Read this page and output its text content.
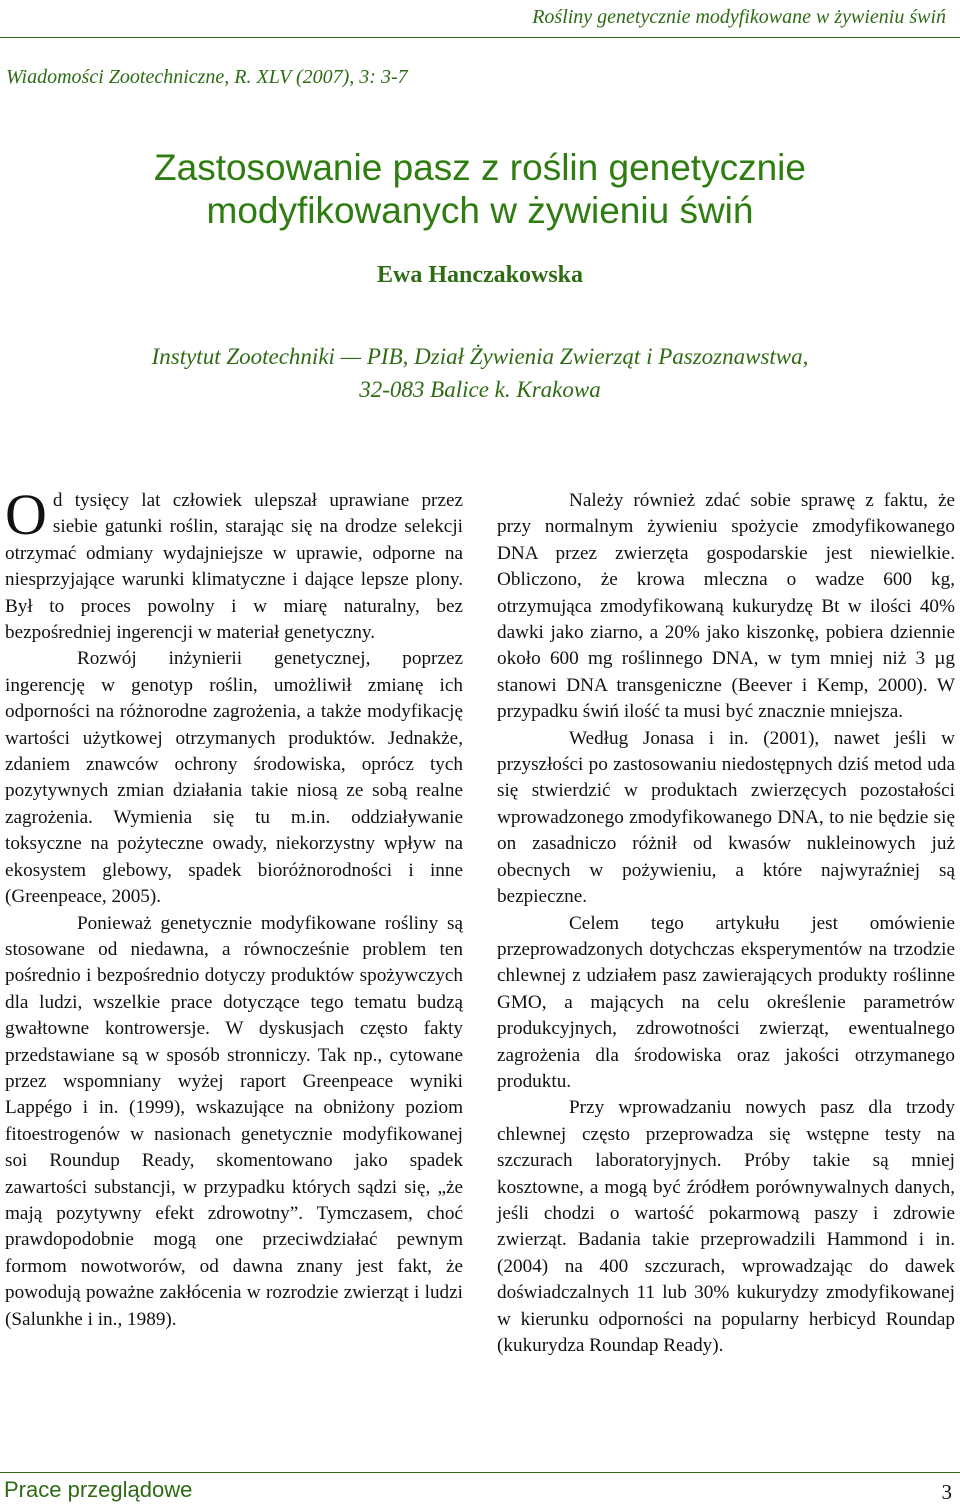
Rośliny genetycznie modyfikowane w żywieniu świń
Wiadomości Zootechniczne, R. XLV (2007), 3: 3-7
Zastosowanie pasz z roślin genetycznie
modyfikowanych w żywieniu świń
Ewa Hanczakowska
Instytut Zootechniki — PIB, Dział Żywienia Zwierząt i Paszoznawstwa,
32-083 Balice k. Krakowa

Od tysięcy lat człowiek ulepszał uprawiane przez siebie gatunki roślin, starając się na drodze selekcji otrzymać odmiany wydajniejsze w uprawie, odporne na niesprzyjające warunki klimatyczne i dające lepsze plony. Był to proces powolny i w miarę naturalny, bez bezpośredniej ingerencji w materiał genetyczny.

Rozwój inżynierii genetycznej, poprzez ingerencję w genotyp roślin, umożliwił zmianę ich odporności na różnorodne zagrożenia, a także modyfikację wartości użytkowej otrzymanych produktów. Jednakże, zdaniem znawców ochrony środowiska, oprócz tych pozytywnych zmian działania takie niosą ze sobą realne zagrożenia. Wymienia się tu m.in. oddziaływanie toksyczne na pożyteczne owady, niekorzystny wpływ na ekosystem glebowy, spadek bioróżnorodności i inne (Greenpeace, 2005).

Ponieważ genetycznie modyfikowane rośliny są stosowane od niedawna, a równocześnie problem ten pośrednio i bezpośrednio dotyczy produktów spożywczych dla ludzi, wszelkie prace dotyczące tego tematu budzą gwałtowne kontrowersje. W dyskusjach często fakty przedstawiane są w sposób stronniczy. Tak np., cytowane przez wspomniany wyżej raport Greenpeace wyniki Lappégo i in. (1999), wskazujące na obniżony poziom fitoestrogenów w nasionach genetycznie modyfikowanej soi Roundup Ready, skomentowano jako spadek zawartości substancji, w przypadku których sądzi się, „że mają pozytywny efekt zdrowotny”. Tymczasem, choć prawdopodobnie mogą one przeciwdziałać pewnym formom nowotworów, od dawna znany jest fakt, że powodują poważne zakłócenia w rozrodzie zwierząt i ludzi (Salunkhe i in., 1989).

Należy również zdać sobie sprawę z faktu, że przy normalnym żywieniu spożycie zmodyfikowanego DNA przez zwierzęta gospodarskie jest niewielkie. Obliczono, że krowa mleczna o wadze 600 kg, otrzymująca zmodyfikowaną kukurydzę Bt w ilości 40% dawki jako ziarno, a 20% jako kiszonkę, pobiera dziennie około 600 mg roślinnego DNA, w tym mniej niż 3 µg stanowi DNA transgeniczne (Beever i Kemp, 2000). W przypadku świń ilość ta musi być znacznie mniejsza.

Według Jonasa i in. (2001), nawet jeśli w przyszłości po zastosowaniu niedostępnych dziś metod uda się stwierdzić w produktach zwierzęcych pozostałości wprowadzonego zmodyfikowanego DNA, to nie będzie się on zasadniczo różnił od kwasów nukleinowych już obecnych w pożywieniu, a które najwyraźniej są bezpieczne.

Celem tego artykułu jest omówienie przeprowadzonych dotychczas eksperymentów na trzodzie chlewnej z udziałem pasz zawierających produkty roślinne GMO, a mających na celu określenie parametrów produkcyjnych, zdrowotności zwierząt, ewentualnego zagrożenia dla środowiska oraz jakości otrzymanego produktu.

Przy wprowadzaniu nowych pasz dla trzody chlewnej często przeprowadza się wstępne testy na szczurach laboratoryjnych. Próby takie są mniej kosztowne, a mogą być źródłem porównywalnych danych, jeśli chodzi o wartość pokarmową paszy i zdrowie zwierząt. Badania takie przeprowadzili Hammond i in. (2004) na 400 szczurach, wprowadzając do dawek doświadczalnych 11 lub 30% kukurydzy zmodyfikowanej w kierunku odporności na popularny herbicyd Roundap (kukurydza Roundap Ready).

Prace przeglądowe	3
